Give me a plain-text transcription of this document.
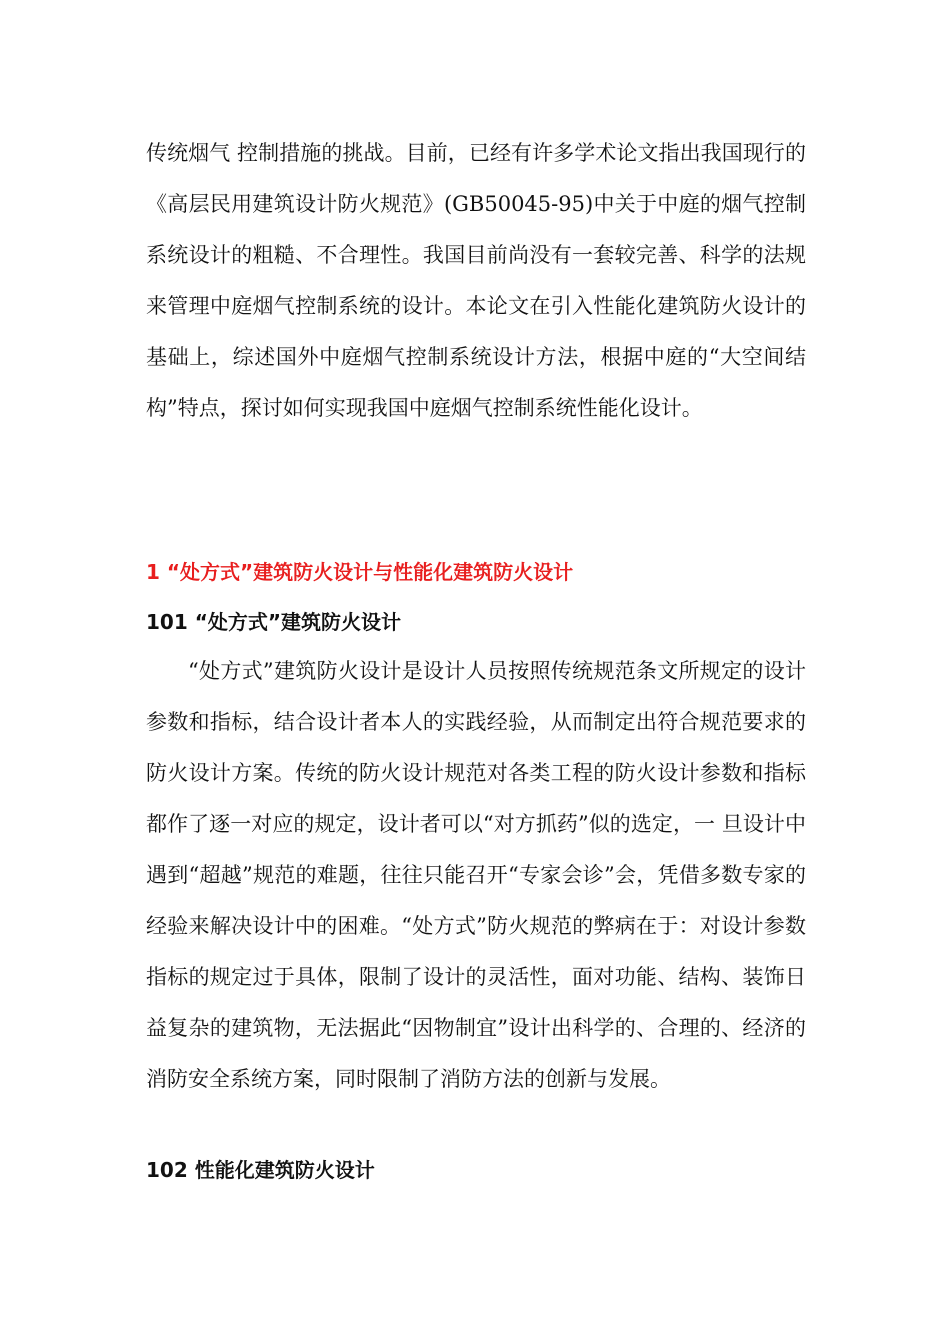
传统烟气 控制措施的挑战。目前，已经有许多学术论文指出我国现行的《高层民用建筑设计防火规范》(GB50045-95)中关于中庭的烟气控制系统设计的粗糙、不合理性。我国目前尚没有一套较完善、科学的法规来管理中庭烟气控制系统的设计。本论文在引入性能化建筑防火设计的基础上，综述国外中庭烟气控制系统设计方法，根据中庭的“大空间结构”特点，探讨如何实现我国中庭烟气控制系统性能化设计。

1 “处方式”建筑防火设计与性能化建筑防火设计
101 “处方式”建筑防火设计

“处方式”建筑防火设计是设计人员按照传统规范条文所规定的设计参数和指标，结合设计者本人的实践经验，从而制定出符合规范要求的防火设计方案。传统的防火设计规范对各类工程的防火设计参数和指标都作了逐一对应的规定，设计者可以“对方抓药”似的选定，一 旦设计中遇到“超越”规范的难题，往往只能召开“专家会诊”会，凭借多数专家的经验来解决设计中的困难。“处方式”防火规范的弊病在于：对设计参数指标的规定过于具体，限制了设计的灵活性，面对功能、结构、装饰日益复杂的建筑物，无法据此“因物制宜”设计出科学的、合理的、经济的消防安全系统方案，同时限制了消防方法的创新与发展。

102 性能化建筑防火设计
